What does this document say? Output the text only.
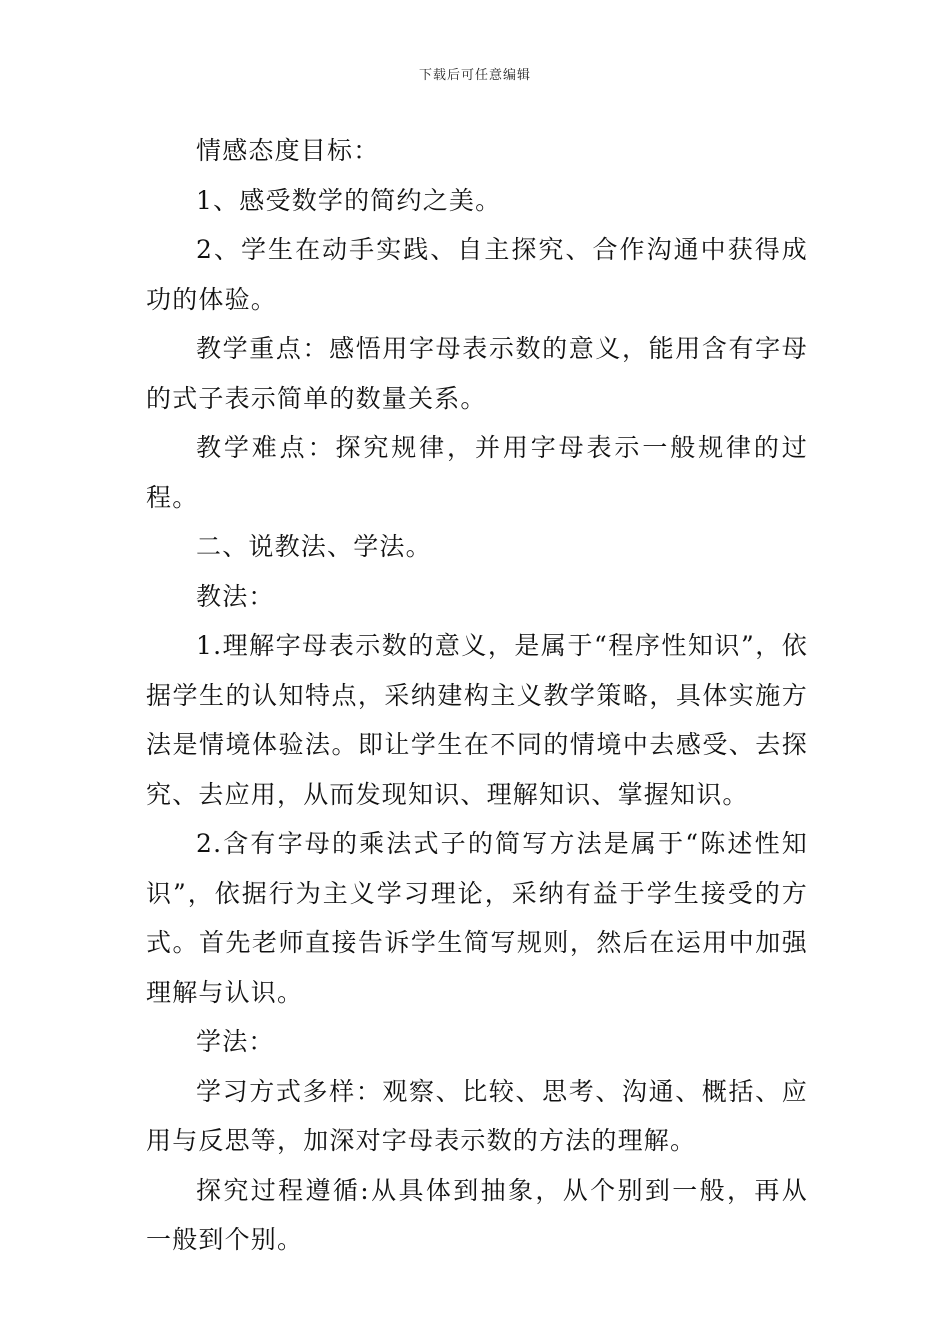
下载后可任意编辑

情感态度目标：

1、感受数学的简约之美。

2、学生在动手实践、自主探究、合作沟通中获得成功的体验。

教学重点：感悟用字母表示数的意义，能用含有字母的式子表示简单的数量关系。

教学难点：探究规律，并用字母表示一般规律的过程。

二、说教法、学法。

教法：

1.理解字母表示数的意义，是属于“程序性知识”，依据学生的认知特点，采纳建构主义教学策略，具体实施方法是情境体验法。即让学生在不同的情境中去感受、去探究、去应用，从而发现知识、理解知识、掌握知识。

2.含有字母的乘法式子的简写方法是属于“陈述性知识”，依据行为主义学习理论，采纳有益于学生接受的方式。首先老师直接告诉学生简写规则，然后在运用中加强理解与认识。

学法：

学习方式多样：观察、比较、思考、沟通、概括、应用与反思等，加深对字母表示数的方法的理解。

探究过程遵循:从具体到抽象，从个别到一般，再从一般到个别。
